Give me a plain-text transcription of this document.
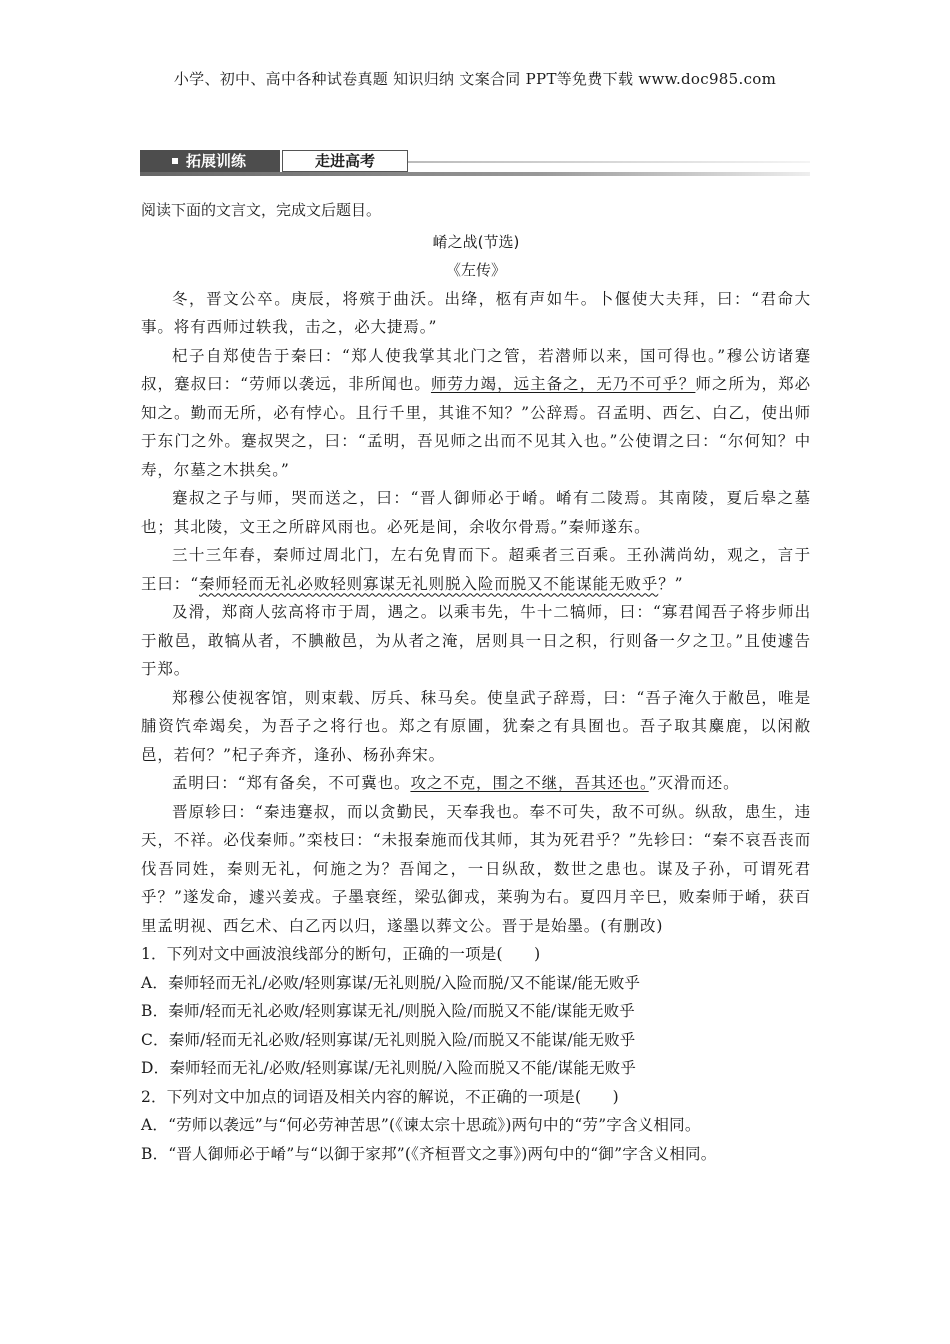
小学、初中、高中各种试卷真题 知识归纳 文案合同 PPT等免费下载 www.doc985.com
拓展训练	走进高考

阅读下面的文言文，完成文后题目。

崤之战(节选)

《左传》

冬，晋文公卒。庚辰，将殡于曲沃。出绛，柩有声如牛。卜偃使大夫拜，曰：“君命大事。将有西师过轶我，击之，必大捷焉。”

杞子自郑使告于秦曰：“郑人使我掌其北门之管，若潜师以来，国可得也。”穆公访诸蹇叔，蹇叔曰：“劳师以袭远，非所闻也。师劳力竭，远主备之，无乃不可乎？师之所为，郑必知之。勤而无所，必有悖心。且行千里，其谁不知？”公辞焉。召孟明、西乞、白乙，使出师于东门之外。蹇叔哭之，曰：“孟明，吾见师之出而不见其入也。”公使谓之曰：“尔何知？中寿，尔墓之木拱矣。”

蹇叔之子与师，哭而送之，曰：“晋人御师必于崤。崤有二陵焉。其南陵，夏后皋之墓也；其北陵，文王之所辟风雨也。必死是间，余收尔骨焉。”秦师遂东。

三十三年春，秦师过周北门，左右免胄而下。超乘者三百乘。王孙满尚幼，观之，言于王曰：“秦师轻而无礼必败轻则寡谋无礼则脱入险而脱又不能谋能无败乎？”

及滑，郑商人弦高将市于周，遇之。以乘韦先，牛十二犒师，曰：“寡君闻吾子将步师出于敝邑，敢犒从者，不腆敝邑，为从者之淹，居则具一日之积，行则备一夕之卫。”且使遽告于郑。

郑穆公使视客馆，则束载、厉兵、秣马矣。使皇武子辞焉，曰：“吾子淹久于敝邑，唯是脯资饩牵竭矣，为吾子之将行也。郑之有原圃，犹秦之有具囿也。吾子取其麋鹿，以闲敝邑，若何？”杞子奔齐，逢孙、杨孙奔宋。

孟明曰：“郑有备矣，不可冀也。攻之不克，围之不继，吾其还也。”灭滑而还。

晋原轸曰：“秦违蹇叔，而以贪勤民，天奉我也。奉不可失，敌不可纵。纵敌，患生，违天，不祥。必伐秦师。”栾枝曰：“未报秦施而伐其师，其为死君乎？”先轸曰：“秦不哀吾丧而伐吾同姓，秦则无礼，何施之为？吾闻之，一日纵敌，数世之患也。谋及子孙，可谓死君乎？”遂发命，遽兴姜戎。子墨衰绖，梁弘御戎，莱驹为右。夏四月辛巳，败秦师于崤，获百里孟明视、西乞术、白乙丙以归，遂墨以葬文公。晋于是始墨。(有删改)

1．下列对文中画波浪线部分的断句，正确的一项是(　　)

A．秦师轻而无礼/必败/轻则寡谋/无礼则脱/入险而脱/又不能谋/能无败乎

B．秦师/轻而无礼必败/轻则寡谋无礼/则脱入险/而脱又不能/谋能无败乎

C．秦师/轻而无礼必败/轻则寡谋/无礼则脱入险/而脱又不能谋/能无败乎

D．秦师轻而无礼/必败/轻则寡谋/无礼则脱/入险而脱又不能/谋能无败乎

2．下列对文中加点的词语及相关内容的解说，不正确的一项是(　　)

A．“劳师以袭远”与“何必劳神苦思”(《谏太宗十思疏》)两句中的“劳”字含义相同。

B．“晋人御师必于崤”与“以御于家邦”(《齐桓晋文之事》)两句中的“御”字含义相同。
